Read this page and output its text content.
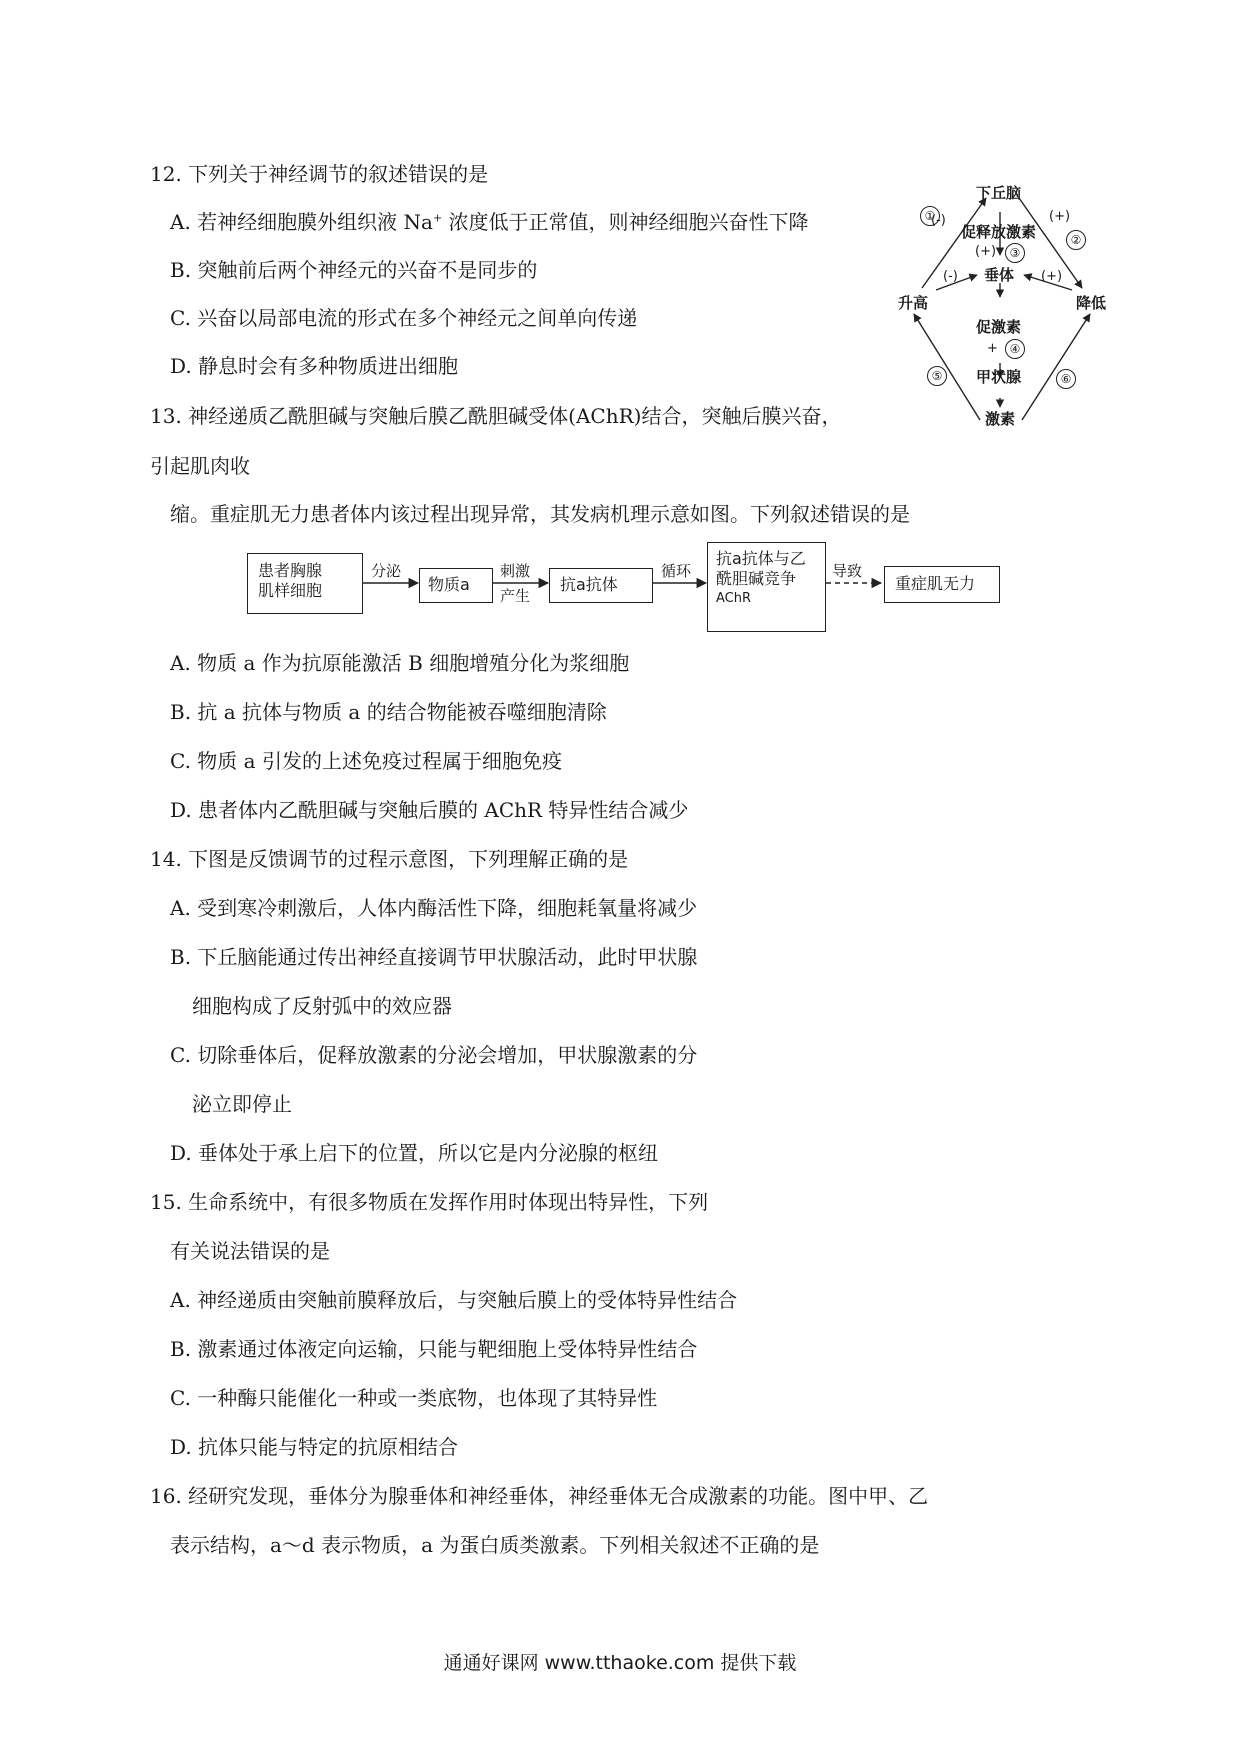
12. 下列关于神经调节的叙述错误的是
A. 若神经细胞膜外组织液 Na+ 浓度低于正常值，则神经细胞兴奋性下降
B. 突触前后两个神经元的兴奋不是同步的
C. 兴奋以局部电流的形式在多个神经元之间单向传递
D. 静息时会有多种物质进出细胞
13. 神经递质乙酰胆碱与突触后膜乙酰胆碱受体(AChR)结合，突触后膜兴奋，
引起肌肉收
缩。重症肌无力患者体内该过程出现异常，其发病机理示意如图。下列叙述错误的是
患者胸腺
肌样细胞
分泌
物质a
刺激
产生
抗a抗体
循环
抗a抗体与乙
酰胆碱竞争
AChR
导致
重症肌无力
A. 物质 a 作为抗原能激活 B 细胞增殖分化为浆细胞
B. 抗 a 抗体与物质 a 的结合物能被吞噬细胞清除
C. 物质 a 引发的上述免疫过程属于细胞免疫
D. 患者体内乙酰胆碱与突触后膜的 AChR 特异性结合减少
14. 下图是反馈调节的过程示意图，下列理解正确的是
A. 受到寒冷刺激后，人体内酶活性下降，细胞耗氧量将减少
B. 下丘脑能通过传出神经直接调节甲状腺活动，此时甲状腺
细胞构成了反射弧中的效应器
C. 切除垂体后，促释放激素的分泌会增加，甲状腺激素的分
泌立即停止
D. 垂体处于承上启下的位置，所以它是内分泌腺的枢纽
15. 生命系统中，有很多物质在发挥作用时体现出特异性，下列
有关说法错误的是
A. 神经递质由突触前膜释放后，与突触后膜上的受体特异性结合
B. 激素通过体液定向运输，只能与靶细胞上受体特异性结合
C. 一种酶只能催化一种或一类底物，也体现了其特异性
D. 抗体只能与特定的抗原相结合
16. 经研究发现，垂体分为腺垂体和神经垂体，神经垂体无合成激素的功能。图中甲、乙
表示结构，a～d 表示物质，a 为蛋白质类激素。下列相关叙述不正确的是
下丘脑
促释放激素
(+)	③
垂体
促激素
+ ④
甲状腺
激素
升高	降低
(-)
①	(+)
②
(-)	(+)
⑤	⑥
通通好课网 www.tthaoke.com 提供下载
